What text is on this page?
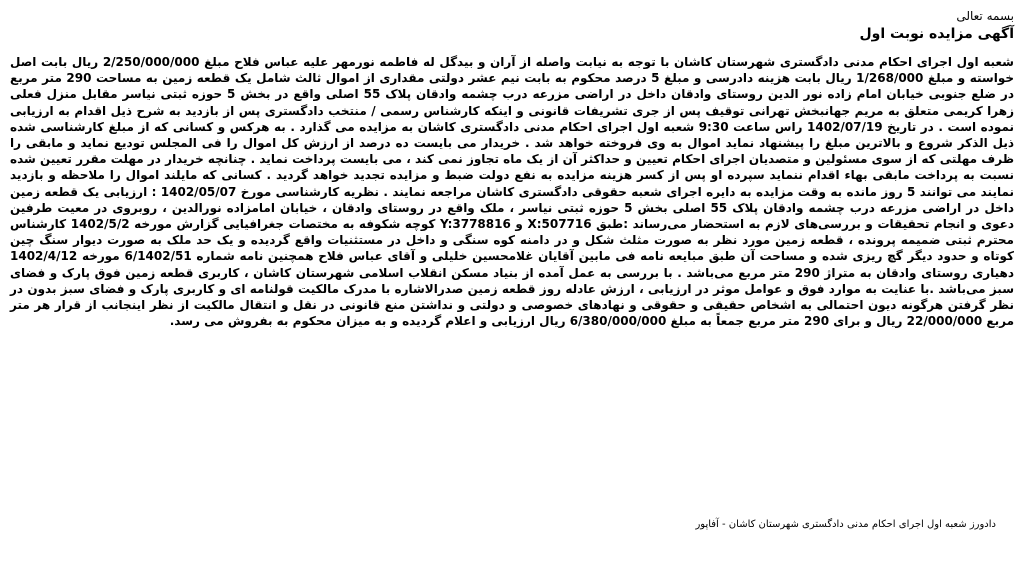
بسمه تعالی
آگهی مزایده نوبت اول

شعبه اول اجرای احکام مدنی دادگستری شهرستان کاشان با توجه به نیابت واصله از آران و بیدگل له فاطمه نورمهر علیه عباس فلاح مبلغ 2/250/000/000 ریال بابت اصل خواسته و مبلغ 1/268/000 ریال بابت هزینه دادرسی و مبلغ 5 درصد محکوم به بابت نیم عشر دولتی مقداری از اموال ثالث شامل یک قطعه زمین به مساحت 290 متر مربع در ضلع جنوبی خیابان امام زاده نور الدین روستای وادقان داخل در اراضی مزرعه درب چشمه وادقان پلاک 55 اصلی واقع در بخش 5 حوزه ثبتی نیاسر مقابل منزل فعلی زهرا کریمی متعلق به مریم جهانبخش تهرانی توقیف پس از جری تشریفات قانونی و اینکه کارشناس رسمی / منتخب دادگستری پس از بازدید به شرح ذیل اقدام به ارزیابی نموده است . در تاریخ 1402/07/19 راس ساعت 9:30 شعبه اول اجرای احکام مدنی دادگستری کاشان به مزایده می گذارد . به هرکس و کسانی که از مبلغ کارشناسی شده ذیل الذکر شروع و بالاترین مبلغ را پیشنهاد نماید اموال به وی فروخته خواهد شد . خریدار می بایست ده درصد از ارزش کل اموال را فی المجلس تودیع نماید و مابقی را ظرف مهلتی که از سوی مسئولین و متصدیان اجرای احکام تعیین و حداکثر آن از یک ماه تجاوز نمی کند ، می بایست پرداخت نماید . چنانچه خریدار در مهلت مقرر تعیین شده نسبت به پرداخت مابقی بهاء اقدام ننماید سپرده او پس از کسر هزینه مزایده به نفع دولت ضبط و مزایده تجدید خواهد گردید . کسانی که مایلند اموال را ملاحظه و بازدید نمایند می توانند 5 روز مانده به وقت مزایده به دایره اجرای شعبه حقوقی دادگستری کاشان مراجعه نمایند . نظریه کارشناسی مورخ 1402/05/07 : ارزیابی یک قطعه زمین داخل در اراضی مزرعه درب چشمه وادقان پلاک 55 اصلی بخش 5 حوزه ثبتی نیاسر ، ملک واقع در روستای وادقان ، خیابان امامزاده نورالدین ، روبروی در معیت طرفین دعوی و انجام تحقیقات و بررسی‌های لازم به استحضار می‌رساند :طبق X:507716 و Y:3778816 کوچه شکوفه به مختصات جغرافیایی گزارش مورخه 1402/5/2 کارشناس محترم ثبتی ضمیمه پرونده ، قطعه زمین مورد نظر به صورت مثلث شکل و در دامنه کوه سنگی و داخل در مستثنیات واقع گردیده و یک حد ملک به صورت دیوار سنگ چین کوتاه و حدود دیگر گچ ریزی شده و مساحت آن طبق مبایعه نامه فی مابین آقایان غلامحسین خلیلی و آقای عباس فلاح همچنین نامه شماره 6/1402/51 مورخه 1402/4/12 دهیاری روستای وادقان به متراژ 290 متر مربع می‌باشد . با بررسی به عمل آمده از بنیاد مسکن انقلاب اسلامی شهرستان کاشان ، کاربری قطعه زمین فوق پارک و فضای سبز می‌باشد .با عنایت به موارد فوق و عوامل موثر در ارزیابی ، ارزش عادله روز قطعه زمین صدرالاشاره با مدرک مالکیت قولنامه ای و کاربری پارک و فضای سبز بدون در نظر گرفتن هرگونه دیون احتمالی به اشخاص حقیقی و حقوقی و نهادهای خصوصی و دولتی و نداشتن منع قانونی در نقل و انتقال مالکیت از نظر اینجانب از قرار هر متر مربع 22/000/000 ریال و برای 290 متر مربع جمعاً به مبلغ 6/380/000/000 ریال ارزیابی و اعلام گردیده و به میزان محکوم به بفروش می رسد.

دادورز شعبه اول اجرای احکام مدنی دادگستری شهرستان کاشان - آفاپور
